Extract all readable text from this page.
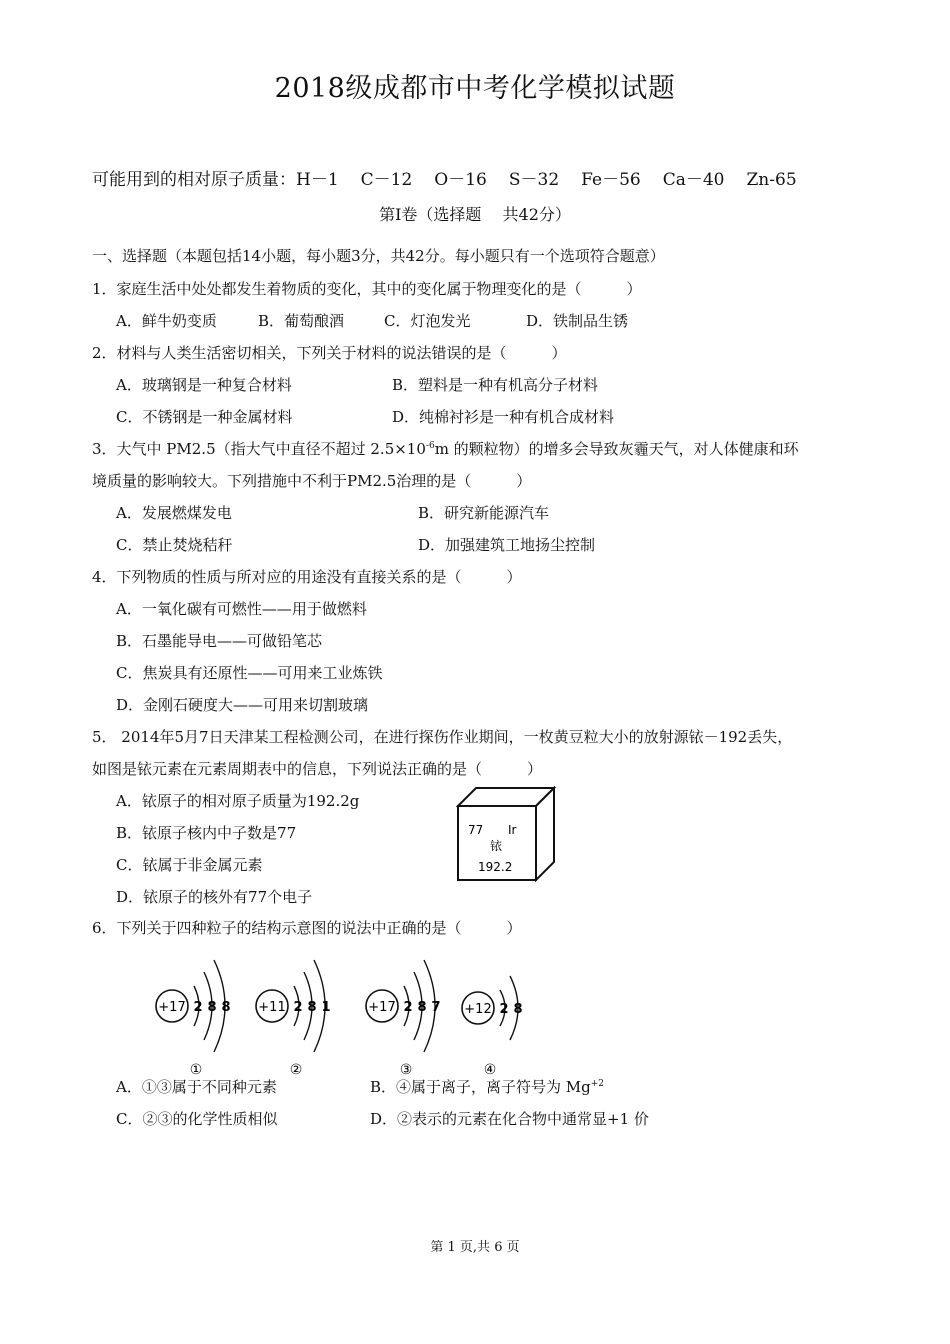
2018级成都市中考化学模拟试题
可能用到的相对原子质量：H－1 C－12 O－16 S－32 Fe－56 Ca－40 Zn-65
第Ⅰ卷（选择题　 共42分）
一、选择题（本题包括14小题，每小题3分，共42分。每小题只有一个选项符合题意）
1．家庭生活中处处都发生着物质的变化，其中的变化属于物理变化的是（　　　）
A．鲜牛奶变质	B．葡萄酿酒	C．灯泡发光	D．铁制品生锈
2．材料与人类生活密切相关，下列关于材料的说法错误的是（　　　）
A．玻璃钢是一种复合材料	B．塑料是一种有机高分子材料
C．不锈钢是一种金属材料	D．纯棉衬衫是一种有机合成材料
3．大气中 PM2.5（指大气中直径不超过 $2.5\times 10^{-6}m$ 的颗粒物）的增多会导致灰霾天气，对人体健康和环
境质量的影响较大。下列措施中不利于PM2.5治理的是（　　　）
A．发展燃煤发电	B．研究新能源汽车
C．禁止焚烧秸秆	D．加强建筑工地扬尘控制
4．下列物质的性质与所对应的用途没有直接关系的是（　　　）
A．一氧化碳有可燃性——用于做燃料
B．石墨能导电——可做铅笔芯
C．焦炭具有还原性——可用来工业炼铁
D．金刚石硬度大——可用来切割玻璃
5． 2014年5月7日天津某工程检测公司，在进行探伤作业期间，一枚黄豆粒大小的放射源铱－192丢失，
如图是铱元素在元素周期表中的信息，下列说法正确的是（　　　）
A．铱原子的相对原子质量为192.2g
B．铱原子核内中子数是77
C．铱属于非金属元素
D．铱原子的核外有77个电子
77 Ir
铱
192.2
6．下列关于四种粒子的结构示意图的说法中正确的是（　　　）
+17 2 8 8
①
+11 2 8 1
②
+17 2 8 7
③
+12 2 8
④
A．①③属于不同种元素	B．④属于离子，离子符号为 $Mg^{+2}$
C．②③的化学性质相似	D．②表示的元素在化合物中通常显+1 价
第 1 页,共 6 页
